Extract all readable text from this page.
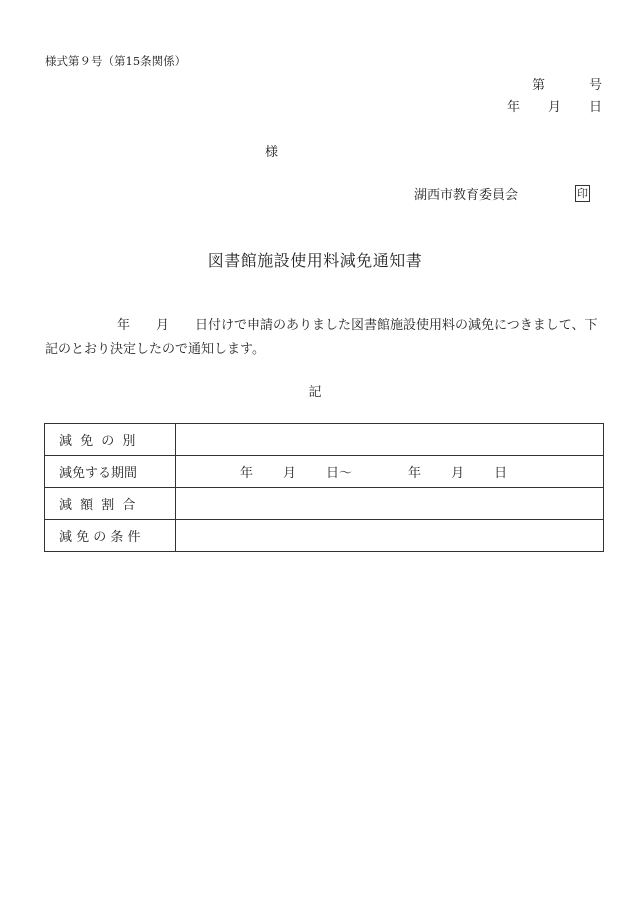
様式第９号（第15条関係）
第	号
年 月 日
様
湖西市教育委員会	印
図書館施設使用料減免通知書
年 月 日付けで申請のありました図書館施設使用料の減免につきまして、下記のとおり決定したので通知します。
記
減 免 の 別	
減免する期間	年 月 日～ 年 月 日
減 額 割 合	
減 免 の 条 件	
